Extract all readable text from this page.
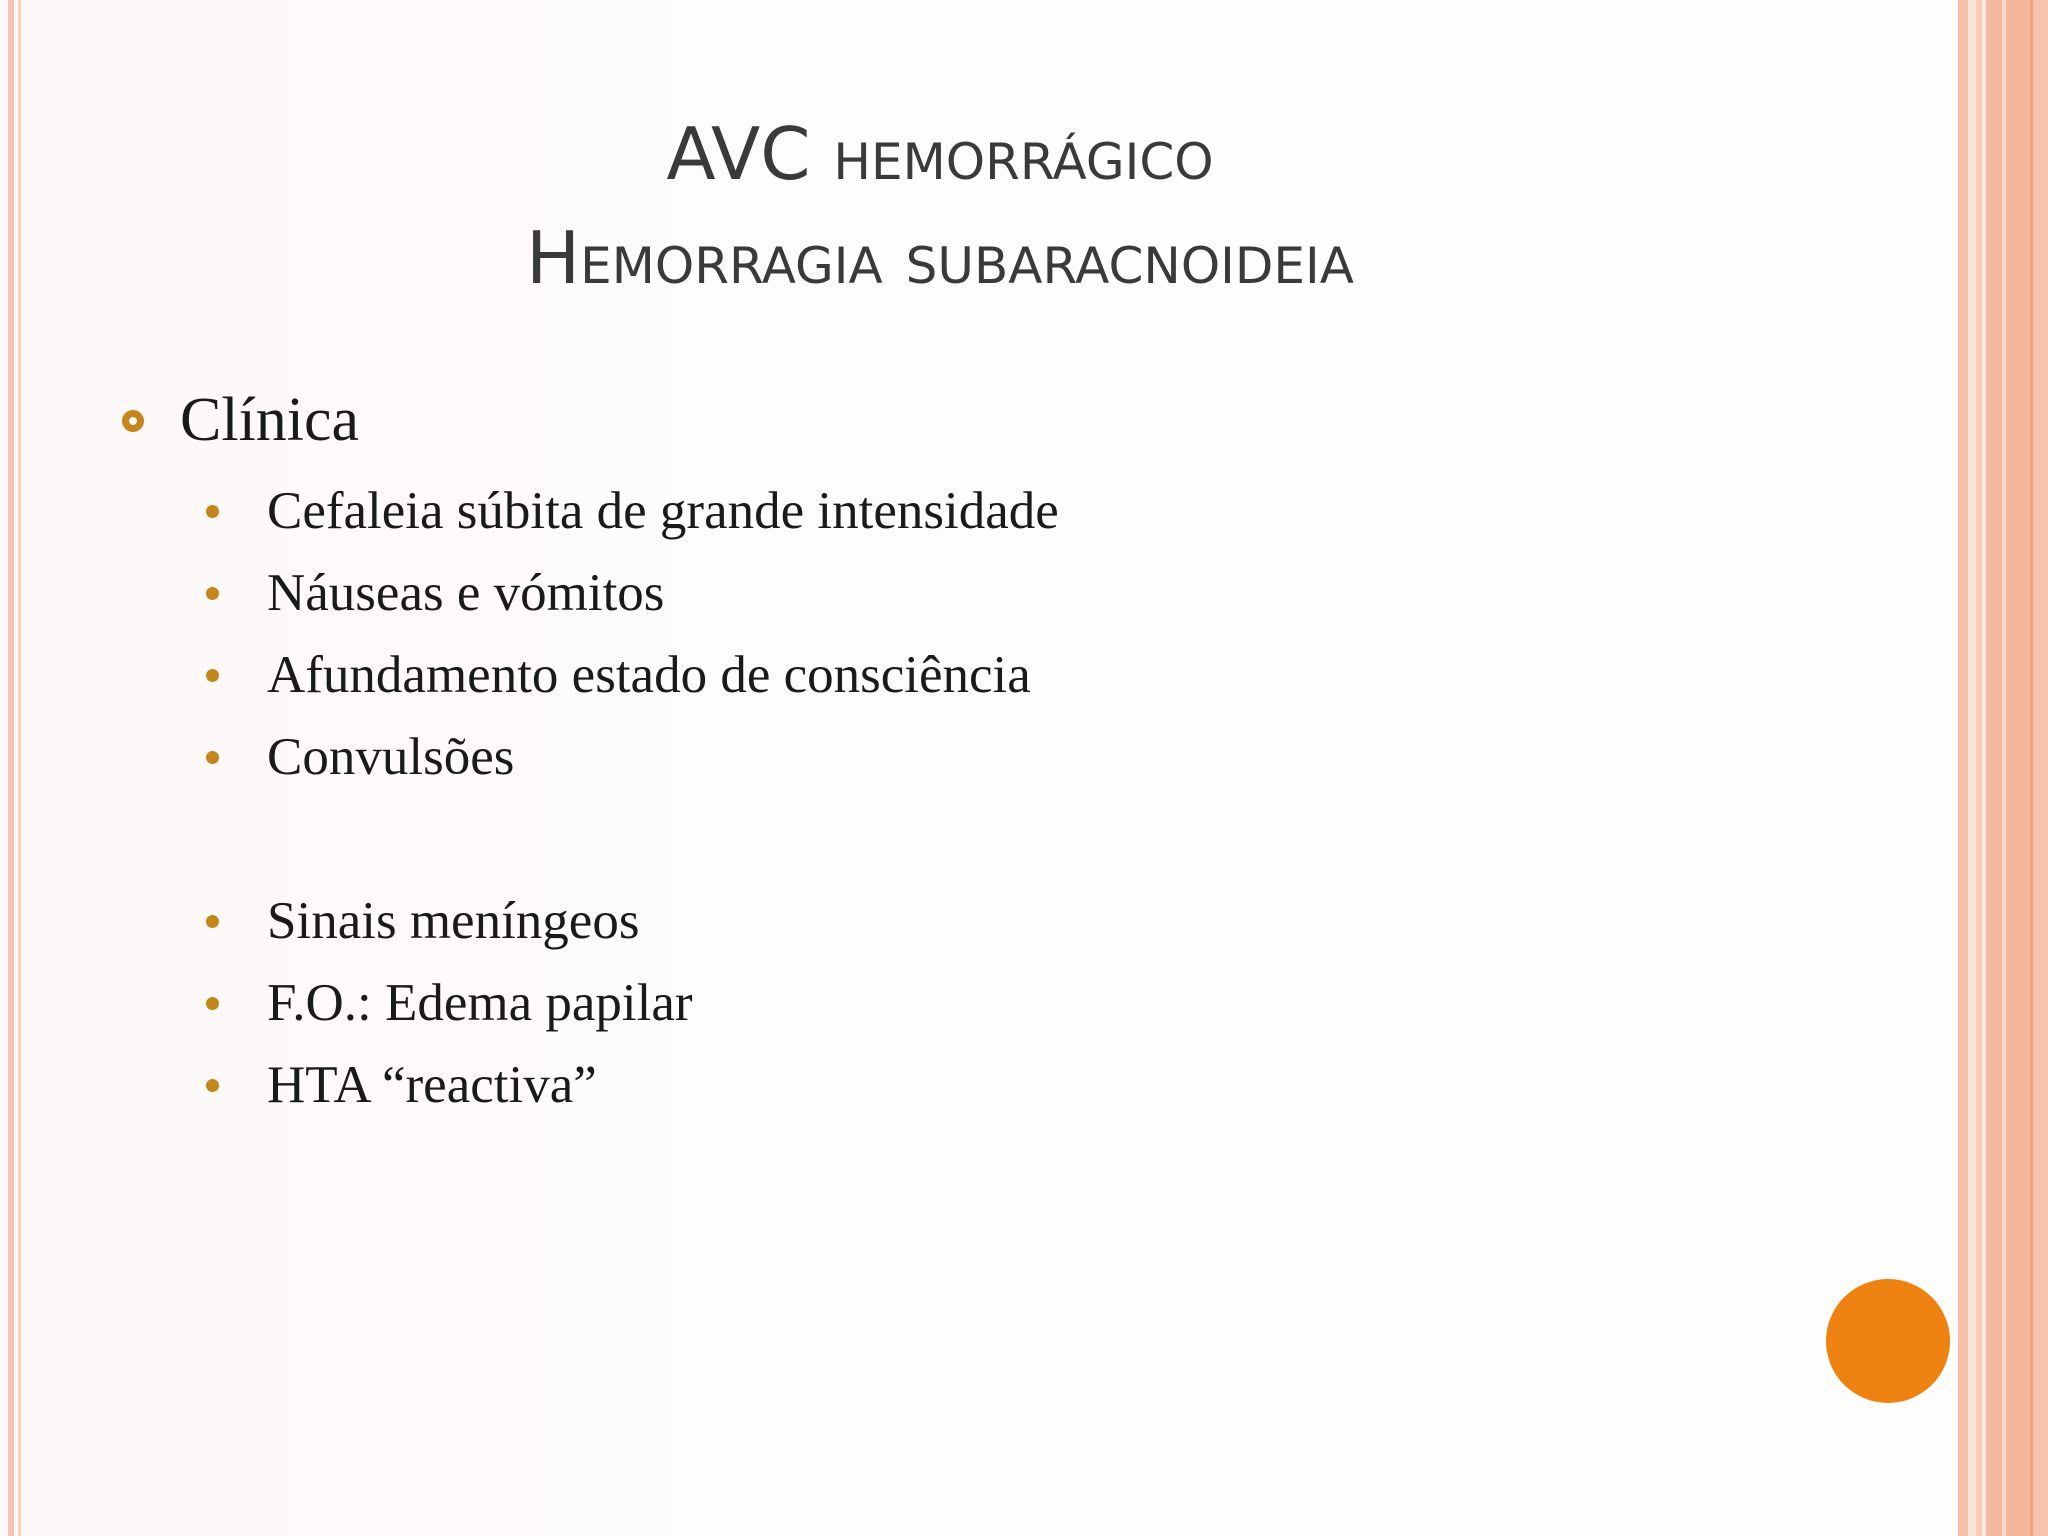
AVC hemorrágico
Hemorragia subaracnoideia
Clínica
Cefaleia súbita de grande intensidade
Náuseas e vómitos
Afundamento estado de consciência
Convulsões
Sinais meníngeos
F.O.: Edema papilar
HTA “reactiva”
